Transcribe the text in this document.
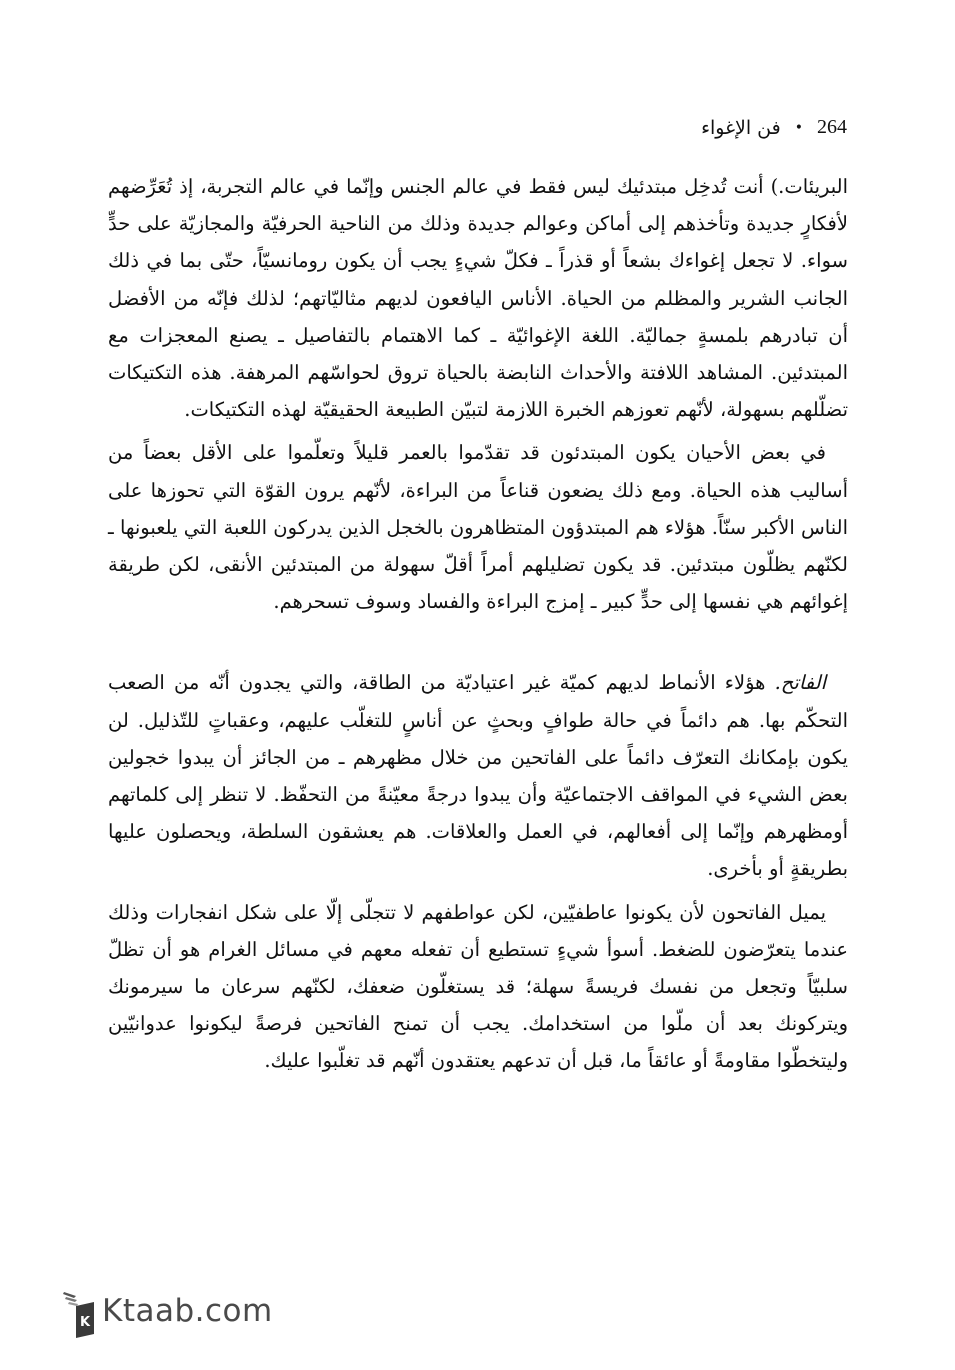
فن الإغواء • 264

البريئات.) أنت تُدخِل مبتدئيك ليس فقط في عالم الجنس وإنّما في عالم التجربة، إذ تُعَرِّضهم لأفكارٍ جديدة وتأخذهم إلى أماكن وعوالم جديدة وذلك من الناحية الحرفيّة والمجازيّة على حدٍّ سواء. لا تجعل إغواءك بشعاً أو قذراً ـ فكلّ شيءٍ يجب أن يكون رومانسيّاً، حتّى بما في ذلك الجانب الشرير والمظلم من الحياة. الأناس اليافعون لديهم مثاليّاتهم؛ لذلك فإنّه من الأفضل أن تبادرهم بلمسةٍ جماليّة. اللغة الإغوائيّة ـ كما الاهتمام بالتفاصيل ـ يصنع المعجزات مع المبتدئين. المشاهد اللافتة والأحداث النابضة بالحياة تروق لحواسّهم المرهفة. هذه التكتيكات تضلّلهم بسهولة، لأنّهم تعوزهم الخبرة اللازمة لتبيّن الطبيعة الحقيقيّة لهذه التكتيكات.

في بعض الأحيان يكون المبتدئون قد تقدّموا بالعمر قليلاً وتعلّموا على الأقل بعضاً من أساليب هذه الحياة. ومع ذلك يضعون قناعاً من البراءة، لأنّهم يرون القوّة التي تحوزها على الناس الأكبر سنّاً. هؤلاء هم المبتدؤون المتظاهرون بالخجل الذين يدركون اللعبة التي يلعبونها ـ لكنّهم يظلّون مبتدئين. قد يكون تضليلهم أمراً أقلّ سهولة من المبتدئين الأنقى، لكن طريقة إغوائهم هي نفسها إلى حدٍّ كبير ـ إمزج البراءة والفساد وسوف تسحرهم.

الفاتح. هؤلاء الأنماط لديهم كميّة غير اعتياديّة من الطاقة، والتي يجدون أنّه من الصعب التحكّم بها. هم دائماً في حالة طوافٍ وبحثٍ عن أناسٍ للتغلّب عليهم، وعقباتٍ للتّذليل. لن يكون بإمكانك التعرّف دائماً على الفاتحين من خلال مظهرهم ـ من الجائز أن يبدوا خجولين بعض الشيء في المواقف الاجتماعيّة وأن يبدوا درجةً معيّنةً من التحفّظ. لا تنظر إلى كلماتهم أومظهرهم وإنّما إلى أفعالهم، في العمل والعلاقات. هم يعشقون السلطة، ويحصلون عليها بطريقةٍ أو بأخرى.

يميل الفاتحون لأن يكونوا عاطفيّين، لكن عواطفهم لا تتجلّى إلّا على شكل انفجارات وذلك عندما يتعرّضون للضغط. أسوأ شيءٍ تستطيع أن تفعله معهم في مسائل الغرام هو أن تظلّ سلبيّاً وتجعل من نفسك فريسةً سهلة؛ قد يستغلّون ضعفك، لكنّهم سرعان ما سيرمونك ويتركونك بعد أن ملّوا من استخدامك. يجب أن تمنح الفاتحين فرصةً ليكونوا عدوانيّين وليتخطّوا مقاومةً أو عائقاً ما، قبل أن تدعهم يعتقدون أنّهم قد تغلّبوا عليك.

K Ktaab.com
